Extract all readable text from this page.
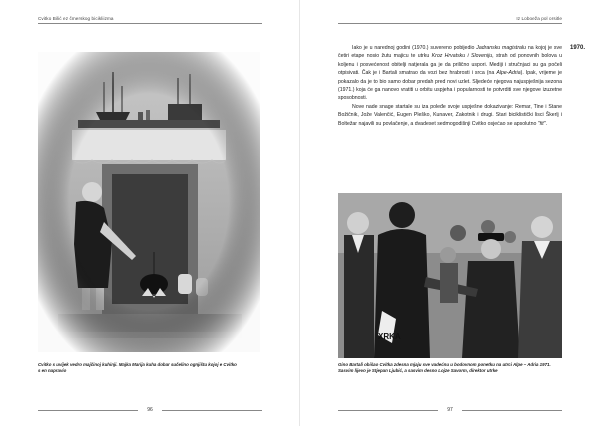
Cvitko Bilić ez čmerskog bicikliizma
Cvitko s uvijek vedro majčinoj kuhinji. Majka Marija kuha dobar sučelino ognjištu kojoj e Cvitko
s en napravio
96
Iz Loboeža pol orsitle
1970.

Iako je u narednoj godini (1970.) suvereno pobijedio Jadransku magistralu na kojoj je sve četiri etape nosio žutu majicu te utrku Kroz Hrvatsku i Sloveniju, strah od ponovnih bolova u koljenu i posvećenost obitelji natjerala ga je da prilično uspori. Mediji i stručnjaci su ga počeli otpisivati. Čak je i Bartali smatrao da vozi bez hrabrosti i srca (na Alpe-Adria). Ipak, vrijeme je pokazalo da je to bio samo dobar predah pred novi uzlet. Sljedeće njegova najuspješnija sezona (1971.) koja će ga nanovo vratiti u orbitu uspjeha i popularnosti te potvrditi sve njegove izuzetne sposobnosti.

Nove nade snage startale su iza poleđe svoje uspješne dokazivanje: Remar, Tine i Stane Božičnik, Jože Valenčić, Eugen Pleško, Kunaver, Zakotnik i drugi. Stari biciklistički lisci Škerlj i Boltežar najavili su povlačenje, a dvadeset sedmogodišnji Cvitko osjećao se apsolutno "fit".

XRKA
Gino Bartali obišao Cvitka zdesna mjaju sve vadećnu u bodovnom ponetku na utrci Alpe – Adria 1971.
Sasvim lijevo je Stjepan Ljubić, a sasvim desno Lojze Savorm, direktor utrke
97
